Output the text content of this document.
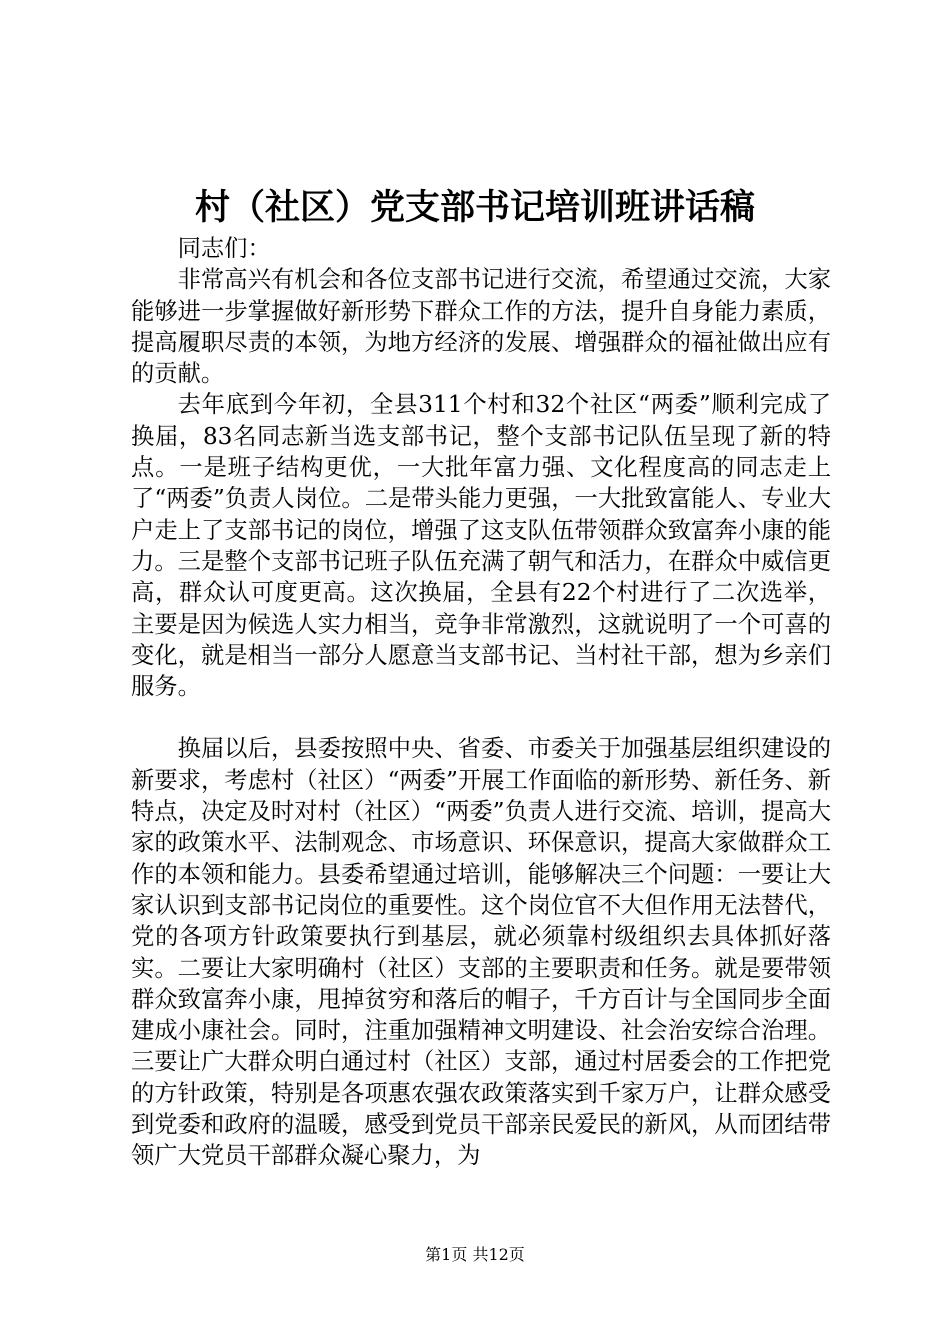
村（社区）党支部书记培训班讲话稿

同志们：

非常高兴有机会和各位支部书记进行交流，希望通过交流，大家能够进一步掌握做好新形势下群众工作的方法，提升自身能力素质，提高履职尽责的本领，为地方经济的发展、增强群众的福祉做出应有的贡献。

去年底到今年初，全县311个村和32个社区“两委”顺利完成了换届，83名同志新当选支部书记，整个支部书记队伍呈现了新的特点。一是班子结构更优，一大批年富力强、文化程度高的同志走上了“两委”负责人岗位。二是带头能力更强，一大批致富能人、专业大户走上了支部书记的岗位，增强了这支队伍带领群众致富奔小康的能力。三是整个支部书记班子队伍充满了朝气和活力，在群众中威信更高，群众认可度更高。这次换届，全县有22个村进行了二次选举，主要是因为候选人实力相当，竞争非常激烈，这就说明了一个可喜的变化，就是相当一部分人愿意当支部书记、当村社干部，想为乡亲们服务。

换届以后，县委按照中央、省委、市委关于加强基层组织建设的新要求，考虑村（社区）“两委”开展工作面临的新形势、新任务、新特点，决定及时对村（社区）“两委”负责人进行交流、培训，提高大家的政策水平、法制观念、市场意识、环保意识，提高大家做群众工作的本领和能力。县委希望通过培训，能够解决三个问题：一要让大家认识到支部书记岗位的重要性。这个岗位官不大但作用无法替代，党的各项方针政策要执行到基层，就必须靠村级组织去具体抓好落实。二要让大家明确村（社区）支部的主要职责和任务。就是要带领群众致富奔小康，甩掉贫穷和落后的帽子，千方百计与全国同步全面建成小康社会。同时，注重加强精神文明建设、社会治安综合治理。三要让广大群众明白通过村（社区）支部，通过村居委会的工作把党的方针政策，特别是各项惠农强农政策落实到千家万户，让群众感受到党委和政府的温暖，感受到党员干部亲民爱民的新风，从而团结带领广大党员干部群众凝心聚力，为

第1页 共12页
